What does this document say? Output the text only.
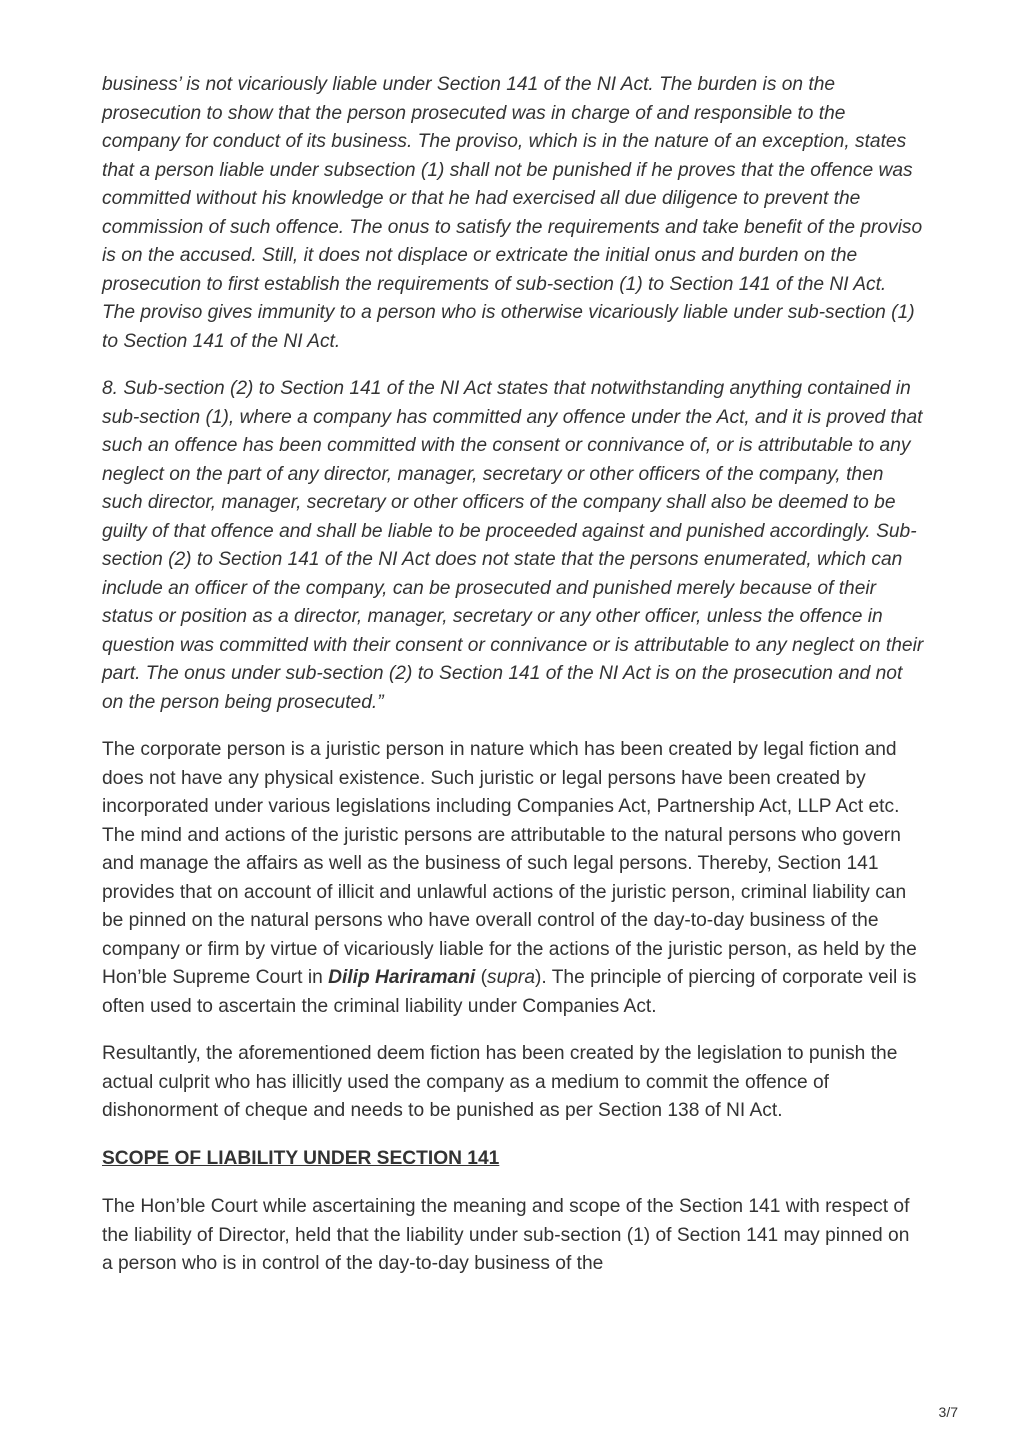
business’ is not vicariously liable under Section 141 of the NI Act. The burden is on the prosecution to show that the person prosecuted was in charge of and responsible to the company for conduct of its business. The proviso, which is in the nature of an exception, states that a person liable under subsection (1) shall not be punished if he proves that the offence was committed without his knowledge or that he had exercised all due diligence to prevent the commission of such offence. The onus to satisfy the requirements and take benefit of the proviso is on the accused. Still, it does not displace or extricate the initial onus and burden on the prosecution to first establish the requirements of sub-section (1) to Section 141 of the NI Act. The proviso gives immunity to a person who is otherwise vicariously liable under sub-section (1) to Section 141 of the NI Act.

8. Sub-section (2) to Section 141 of the NI Act states that notwithstanding anything contained in sub-section (1), where a company has committed any offence under the Act, and it is proved that such an offence has been committed with the consent or connivance of, or is attributable to any neglect on the part of any director, manager, secretary or other officers of the company, then such director, manager, secretary or other officers of the company shall also be deemed to be guilty of that offence and shall be liable to be proceeded against and punished accordingly. Sub-section (2) to Section 141 of the NI Act does not state that the persons enumerated, which can include an officer of the company, can be prosecuted and punished merely because of their status or position as a director, manager, secretary or any other officer, unless the offence in question was committed with their consent or connivance or is attributable to any neglect on their part. The onus under sub-section (2) to Section 141 of the NI Act is on the prosecution and not on the person being prosecuted.”

The corporate person is a juristic person in nature which has been created by legal fiction and does not have any physical existence. Such juristic or legal persons have been created by incorporated under various legislations including Companies Act, Partnership Act, LLP Act etc. The mind and actions of the juristic persons are attributable to the natural persons who govern and manage the affairs as well as the business of such legal persons. Thereby, Section 141 provides that on account of illicit and unlawful actions of the juristic person, criminal liability can be pinned on the natural persons who have overall control of the day-to-day business of the company or firm by virtue of vicariously liable for the actions of the juristic person, as held by the Hon’ble Supreme Court in Dilip Hariramani (supra). The principle of piercing of corporate veil is often used to ascertain the criminal liability under Companies Act.

Resultantly, the aforementioned deem fiction has been created by the legislation to punish the actual culprit who has illicitly used the company as a medium to commit the offence of dishonorment of cheque and needs to be punished as per Section 138 of NI Act.

SCOPE OF LIABILITY UNDER SECTION 141

The Hon’ble Court while ascertaining the meaning and scope of the Section 141 with respect of the liability of Director, held that the liability under sub-section (1) of Section 141 may pinned on a person who is in control of the day-to-day business of the

3/7
